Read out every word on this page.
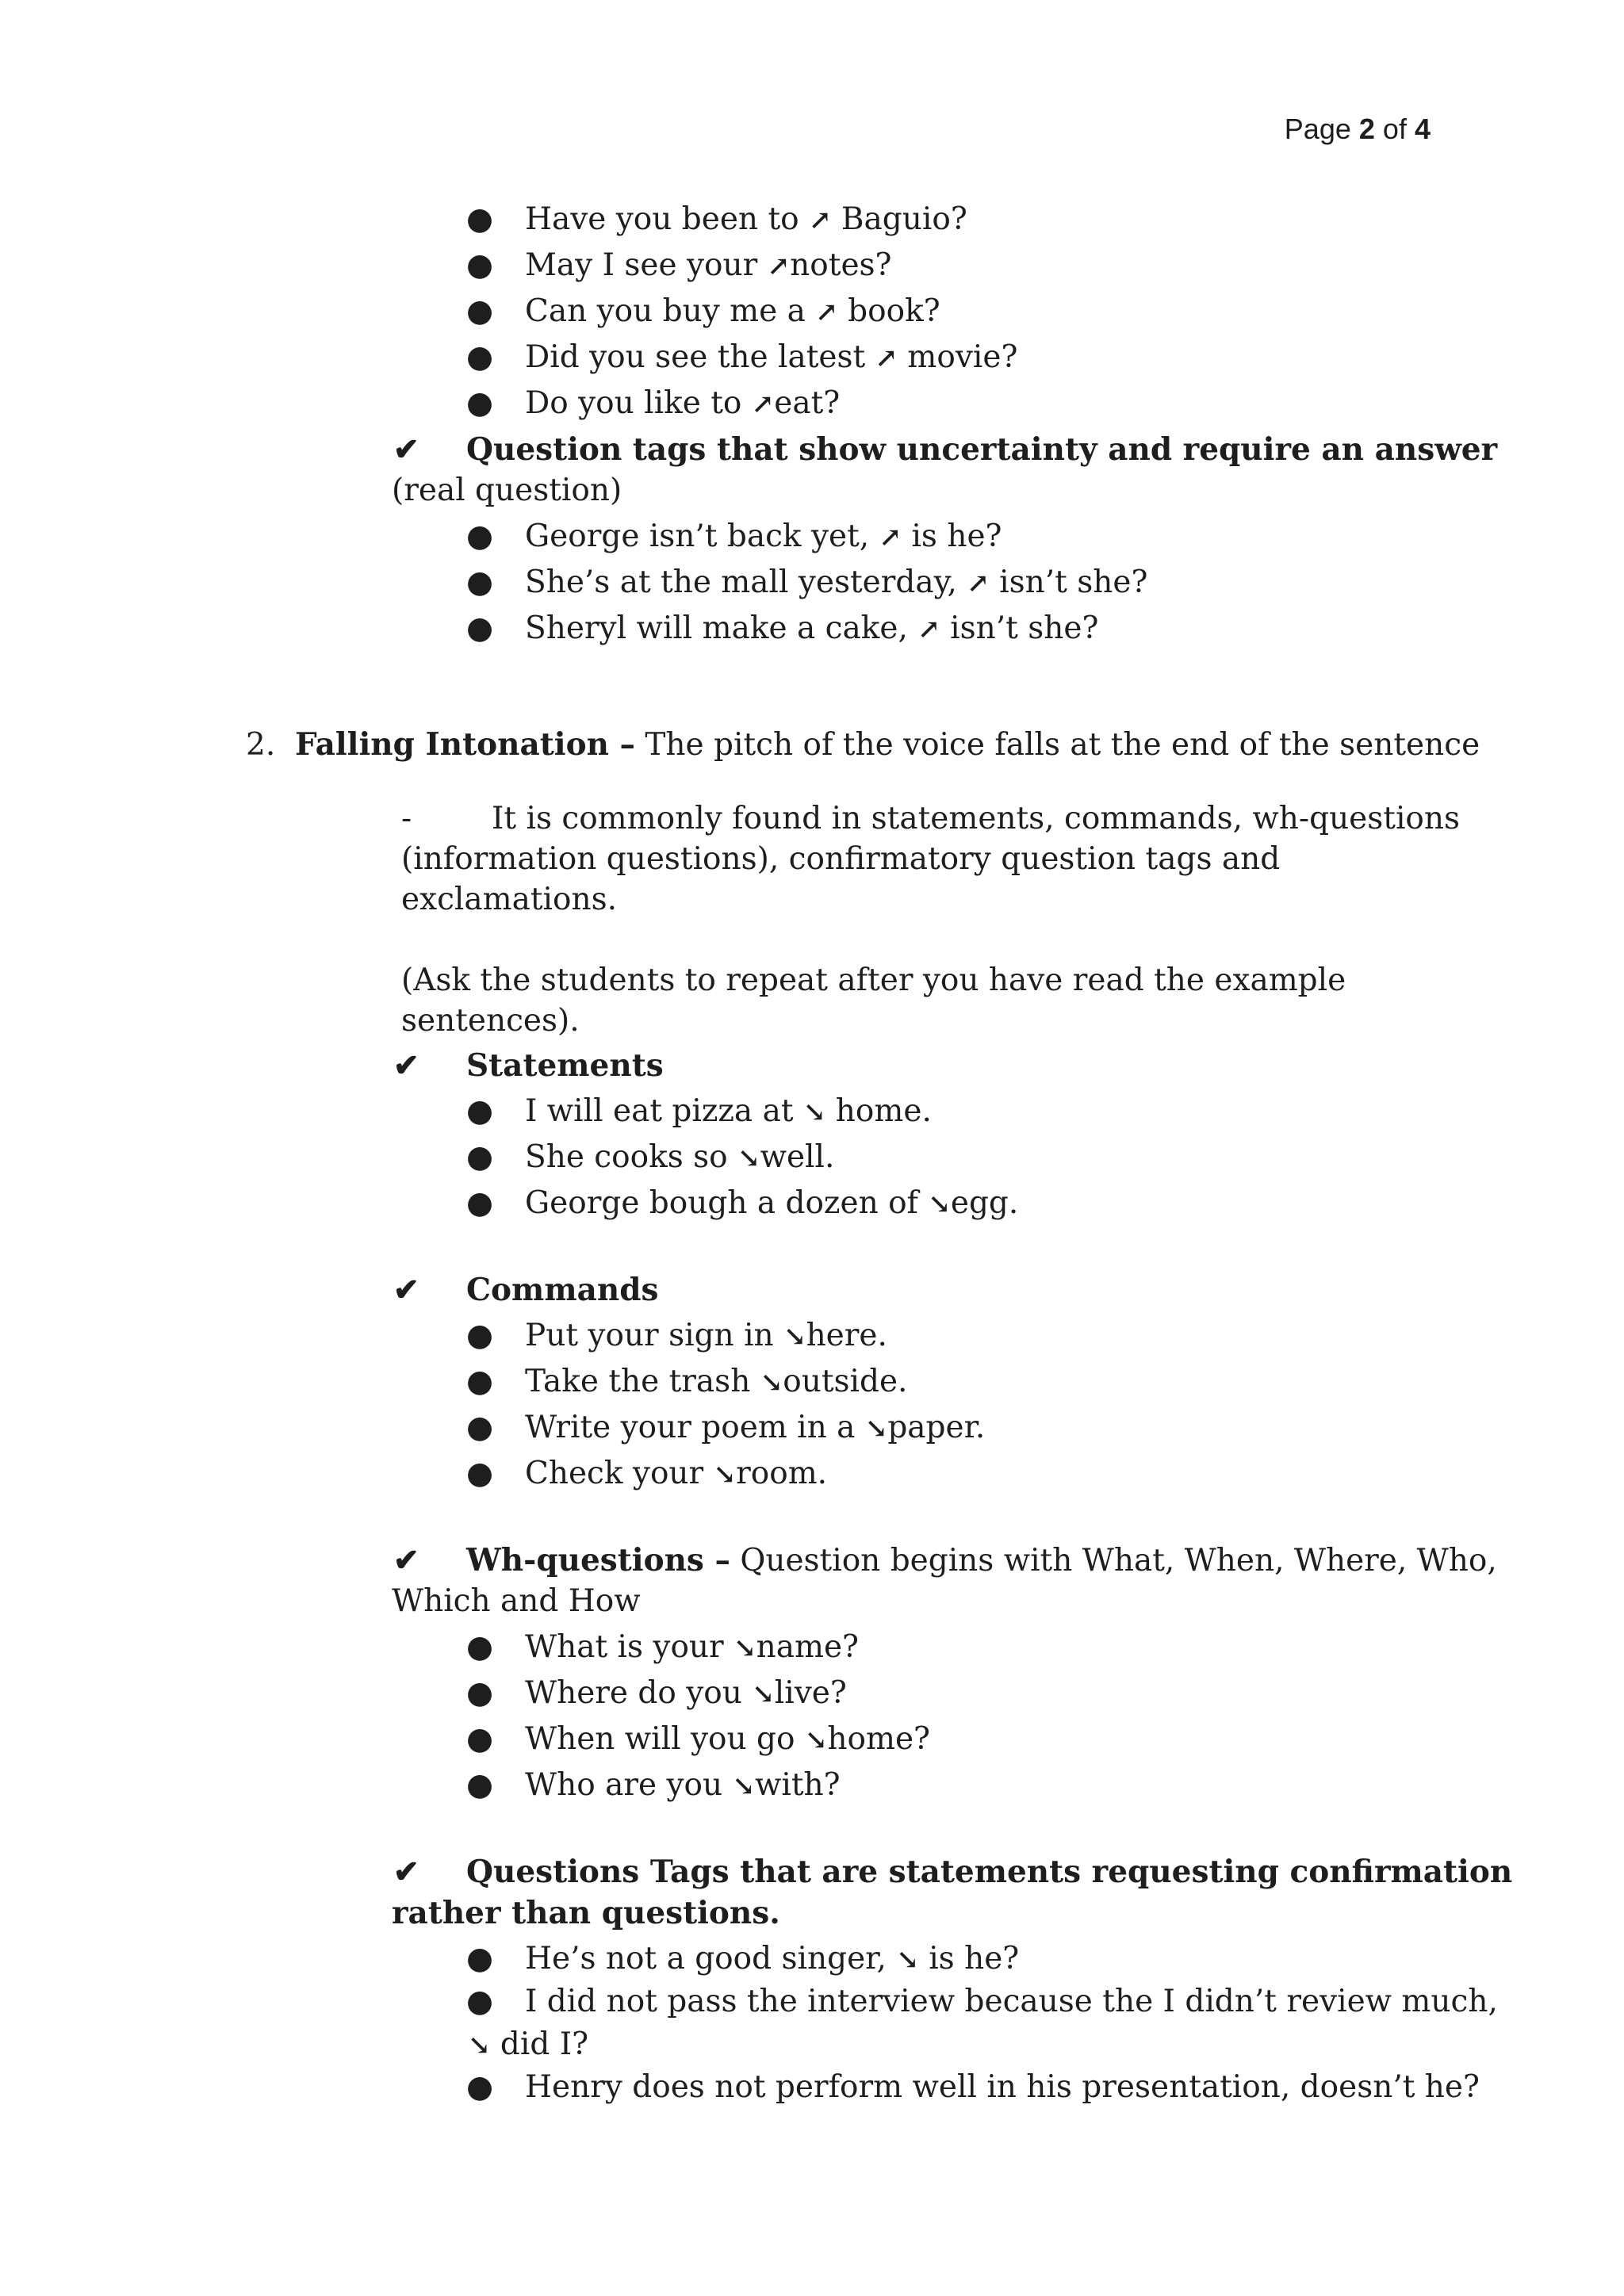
Page 2 of 4
● Have you been to ↗ Baguio?
● May I see your ↗notes?
● Can you buy me a ↗ book?
● Did you see the latest ↗ movie?
● Do you like to ↗eat?
✔ Question tags that show uncertainty and require an answer
(real question)
● George isn’t back yet, ↗ is he?
● She’s at the mall yesterday, ↗ isn’t she?
● Sheryl will make a cake, ↗ isn’t she?
2. Falling Intonation – The pitch of the voice falls at the end of the sentence
-	It is commonly found in statements, commands, wh-questions
(information questions), confirmatory question tags and
exclamations.
(Ask the students to repeat after you have read the example
sentences).
✔ Statements
● I will eat pizza at ↘ home.
● She cooks so ↘well.
● George bough a dozen of ↘egg.
✔ Commands
● Put your sign in ↘here.
● Take the trash ↘outside.
● Write your poem in a ↘paper.
● Check your ↘room.
✔ Wh-questions – Question begins with What, When, Where, Who,
Which and How
● What is your ↘name?
● Where do you ↘live?
● When will you go ↘home?
● Who are you ↘with?
✔ Questions Tags that are statements requesting confirmation
rather than questions.
● He’s not a good singer, ↘ is he?
● I did not pass the interview because the I didn’t review much,
↘ did I?
● Henry does not perform well in his presentation, doesn’t he?
